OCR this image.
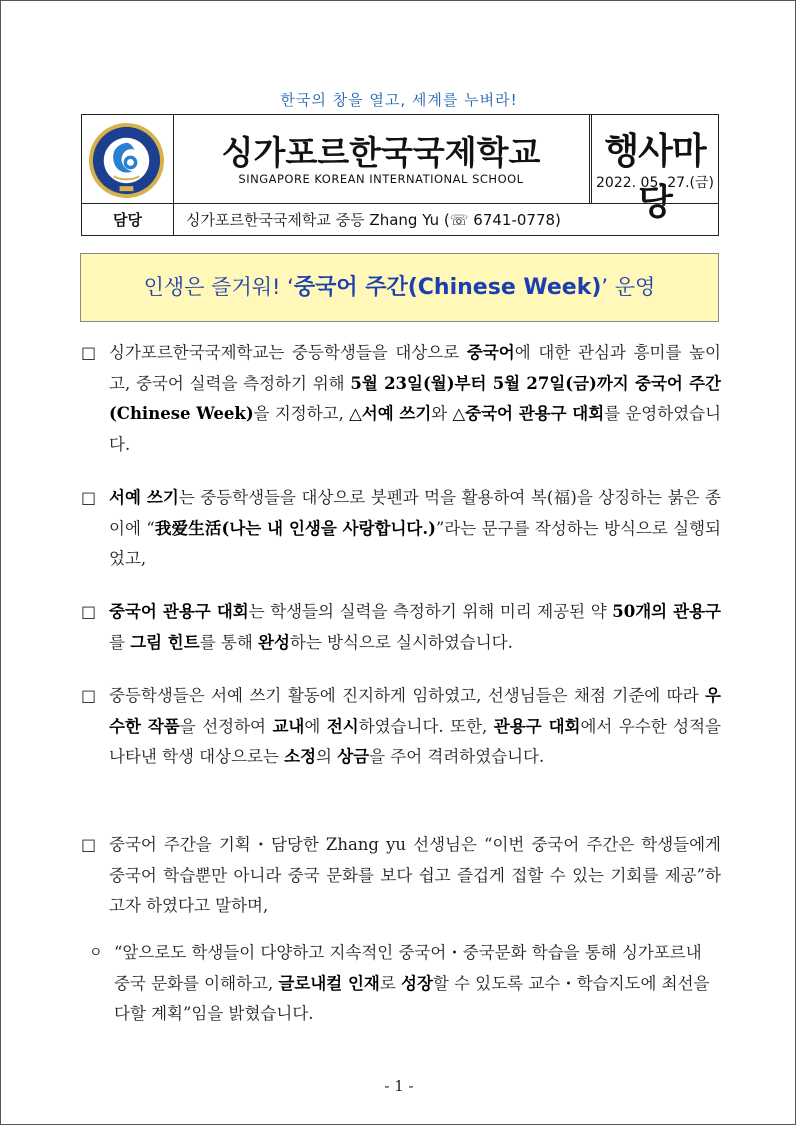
한국의 창을 열고, 세계를 누벼라!
싱가포르한국국제학교
SINGAPORE KOREAN INTERNATIONAL SCHOOL
행사마당
2022. 05. 27.(금)
담당	싱가포르한국국제학교 중등 Zhang Yu (☏ 6741-0778)
인생은 즐거워! ‘중국어 주간(Chinese Week)’ 운영
□ 싱가포르한국국제학교는 중등학생들을 대상으로 중국어에 대한 관심과 흥미를 높이고, 중국어 실력을 측정하기 위해 5월 23일(월)부터 5월 27일(금)까지 중국어 주간(Chinese Week)을 지정하고, △서예 쓰기와 △중국어 관용구 대회를 운영하였습니다.
□ 서예 쓰기는 중등학생들을 대상으로 붓펜과 먹을 활용하여 복(福)을 상징하는 붉은 종이에 “我爱生活(나는 내 인생을 사랑합니다.)”라는 문구를 작성하는 방식으로 실행되었고,
□ 중국어 관용구 대회는 학생들의 실력을 측정하기 위해 미리 제공된 약 50개의 관용구를 그림 힌트를 통해 완성하는 방식으로 실시하였습니다.
□ 중등학생들은 서예 쓰기 활동에 진지하게 임하였고, 선생님들은 채점 기준에 따라 우수한 작품을 선정하여 교내에 전시하였습니다. 또한, 관용구 대회에서 우수한 성적을 나타낸 학생 대상으로는 소정의 상금을 주어 격려하였습니다.
□ 중국어 주간을 기획・담당한 Zhang yu 선생님은 “이번 중국어 주간은 학생들에게 중국어 학습뿐만 아니라 중국 문화를 보다 쉽고 즐겁게 접할 수 있는 기회를 제공”하고자 하였다고 말하며,
ㅇ “앞으로도 학생들이 다양하고 지속적인 중국어・중국문화 학습을 통해 싱가포르내 중국 문화를 이해하고, 글로내컬 인재로 성장할 수 있도록 교수・학습지도에 최선을 다할 계획”임을 밝혔습니다.
- 1 -
